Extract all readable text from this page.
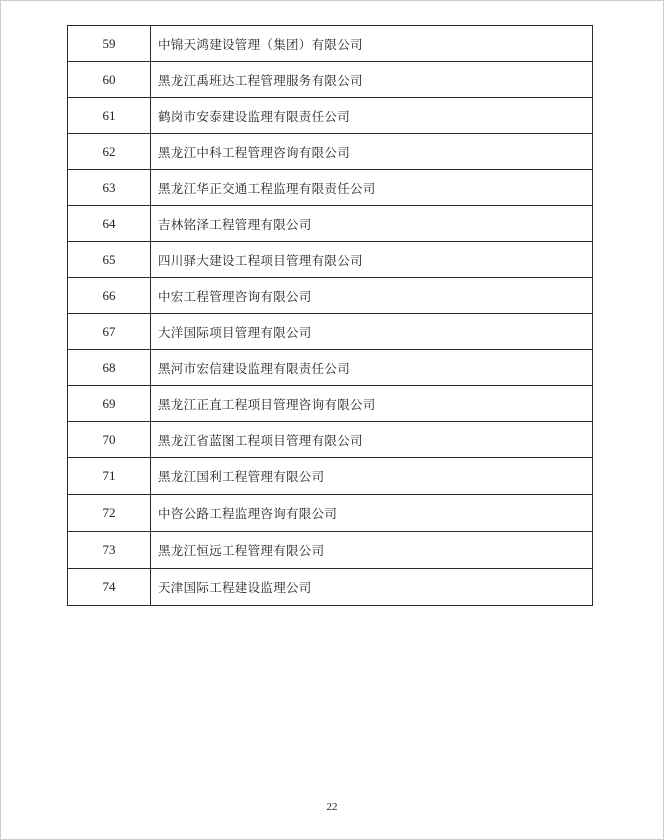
59	中锦天鸿建设管理（集团）有限公司
60	黑龙江禹班达工程管理服务有限公司
61	鹤岗市安泰建设监理有限责任公司
62	黑龙江中科工程管理咨询有限公司
63	黑龙江华正交通工程监理有限责任公司
64	吉林铭泽工程管理有限公司
65	四川驿大建设工程项目管理有限公司
66	中宏工程管理咨询有限公司
67	大洋国际项目管理有限公司
68	黑河市宏信建设监理有限责任公司
69	黑龙江正直工程项目管理咨询有限公司
70	黑龙江省蓝图工程项目管理有限公司
71	黑龙江国利工程管理有限公司
72	中咨公路工程监理咨询有限公司
73	黑龙江恒远工程管理有限公司
74	天津国际工程建设监理公司
22
